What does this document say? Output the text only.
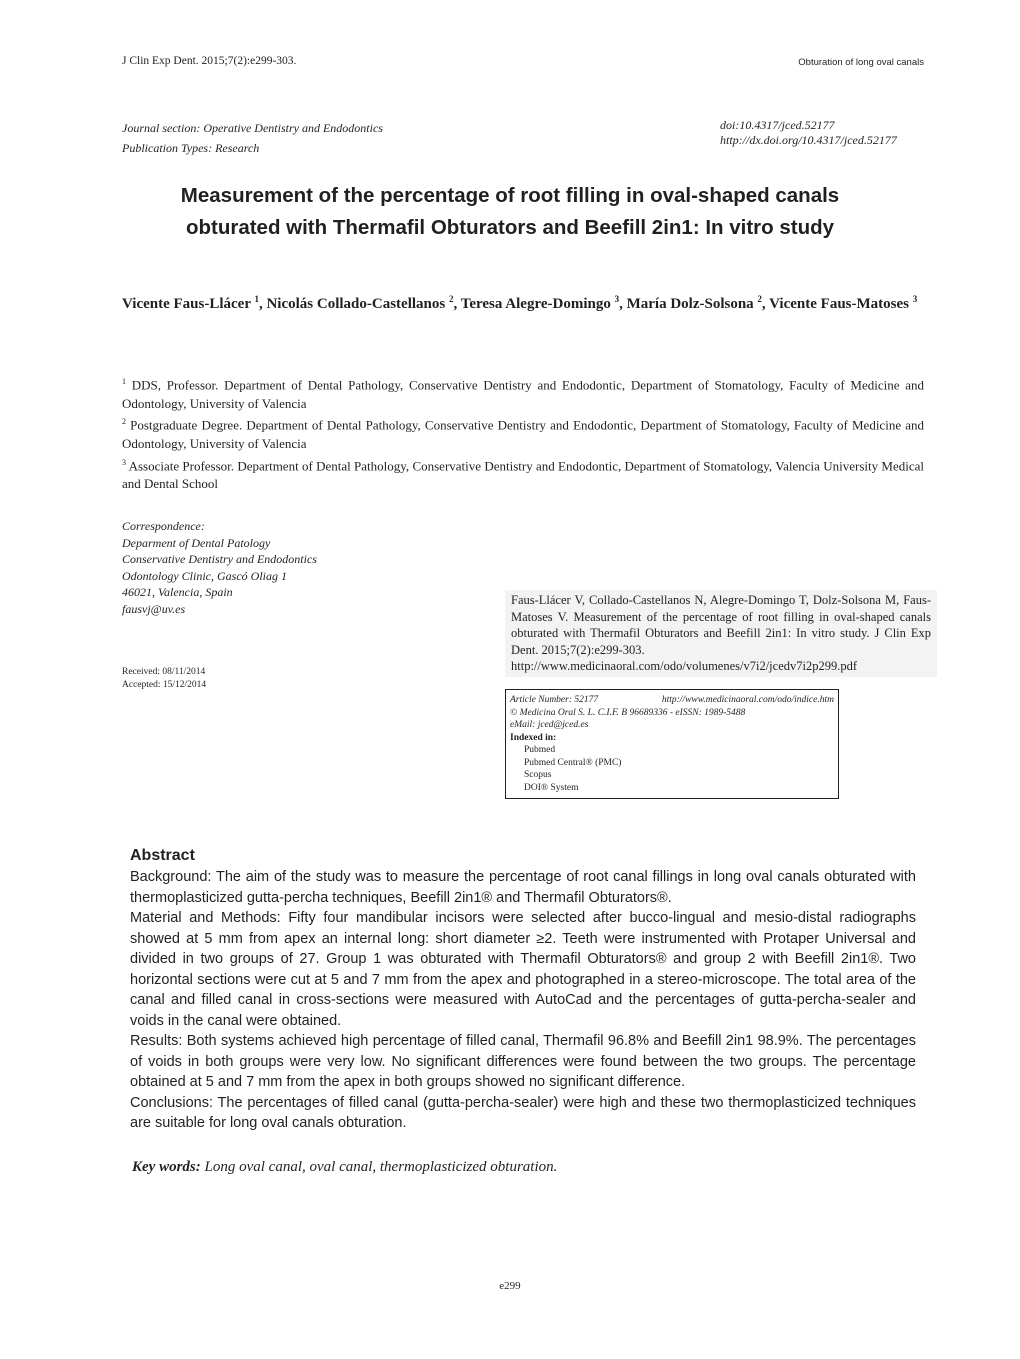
J Clin Exp Dent. 2015;7(2):e299-303.	Obturation of long oval canals
Journal section: Operative Dentistry and Endodontics
Publication Types: Research
doi:10.4317/jced.52177
http://dx.doi.org/10.4317/jced.52177
Measurement of the percentage of root filling in oval-shaped canals
obturated with Thermafil Obturators and Beefill 2in1: In vitro study
Vicente Faus-Llácer $^1$, Nicolás Collado-Castellanos $^2$, Teresa Alegre-Domingo $^3$, María Dolz-Solsona $^2$, Vicente Faus-Matoses $^3$
$^1$ DDS, Professor. Department of Dental Pathology, Conservative Dentistry and Endodontic, Department of Stomatology, Faculty of Medicine and Odontology, University of Valencia
$^2$ Postgraduate Degree. Department of Dental Pathology, Conservative Dentistry and Endodontic, Department of Stomatology, Faculty of Medicine and Odontology, University of Valencia
$^3$ Associate Professor. Department of Dental Pathology, Conservative Dentistry and Endodontic, Department of Stomatology, Valencia University Medical and Dental School
Correspondence:
Deparment of Dental Patology
Conservative Dentistry and Endodontics
Odontology Clinic, Gascó Oliag 1
46021, Valencia, Spain
fausvj@uv.es
Received: 08/11/2014
Accepted: 15/12/2014
Faus-Llácer V, Collado-Castellanos N, Alegre-Domingo T, Dolz-Solsona M, Faus-Matoses V. Measurement of the percentage of root filling in oval-shaped canals obturated with Thermafil Obturators and Beefill 2in1: In vitro study. J Clin Exp Dent. 2015;7(2):e299-303.
http://www.medicinaoral.com/odo/volumenes/v7i2/jcedv7i2p299.pdf
Article Number: 52177	http://www.medicinaoral.com/odo/indice.htm
© Medicina Oral S. L. C.I.F. B 96689336 - eISSN: 1989-5488
eMail: jced@jced.es
Indexed in:
Pubmed
Pubmed Central® (PMC)
Scopus
DOI® System
Abstract

Background: The aim of the study was to measure the percentage of root canal fillings in long oval canals obturated with thermoplasticized gutta-percha techniques, Beefill 2in1® and Thermafil Obturators®.

Material and Methods: Fifty four mandibular incisors were selected after bucco-lingual and mesio-distal radiographs showed at 5 mm from apex an internal long: short diameter ≥2. Teeth were instrumented with Protaper Universal and divided in two groups of 27. Group 1 was obturated with Thermafil Obturators® and group 2 with Beefill 2in1®. Two horizontal sections were cut at 5 and 7 mm from the apex and photographed in a stereo-microscope. The total area of the canal and filled canal in cross-sections were measured with AutoCad and the percentages of gutta-percha-sealer and voids in the canal were obtained.

Results: Both systems achieved high percentage of filled canal, Thermafil 96.8% and Beefill 2in1 98.9%. The percentages of voids in both groups were very low. No significant differences were found between the two groups. The percentage obtained at 5 and 7 mm from the apex in both groups showed no significant difference.

Conclusions: The percentages of filled canal (gutta-percha-sealer) were high and these two thermoplasticized techniques are suitable for long oval canals obturation.

Key words: Long oval canal, oval canal, thermoplasticized obturation.
e299
